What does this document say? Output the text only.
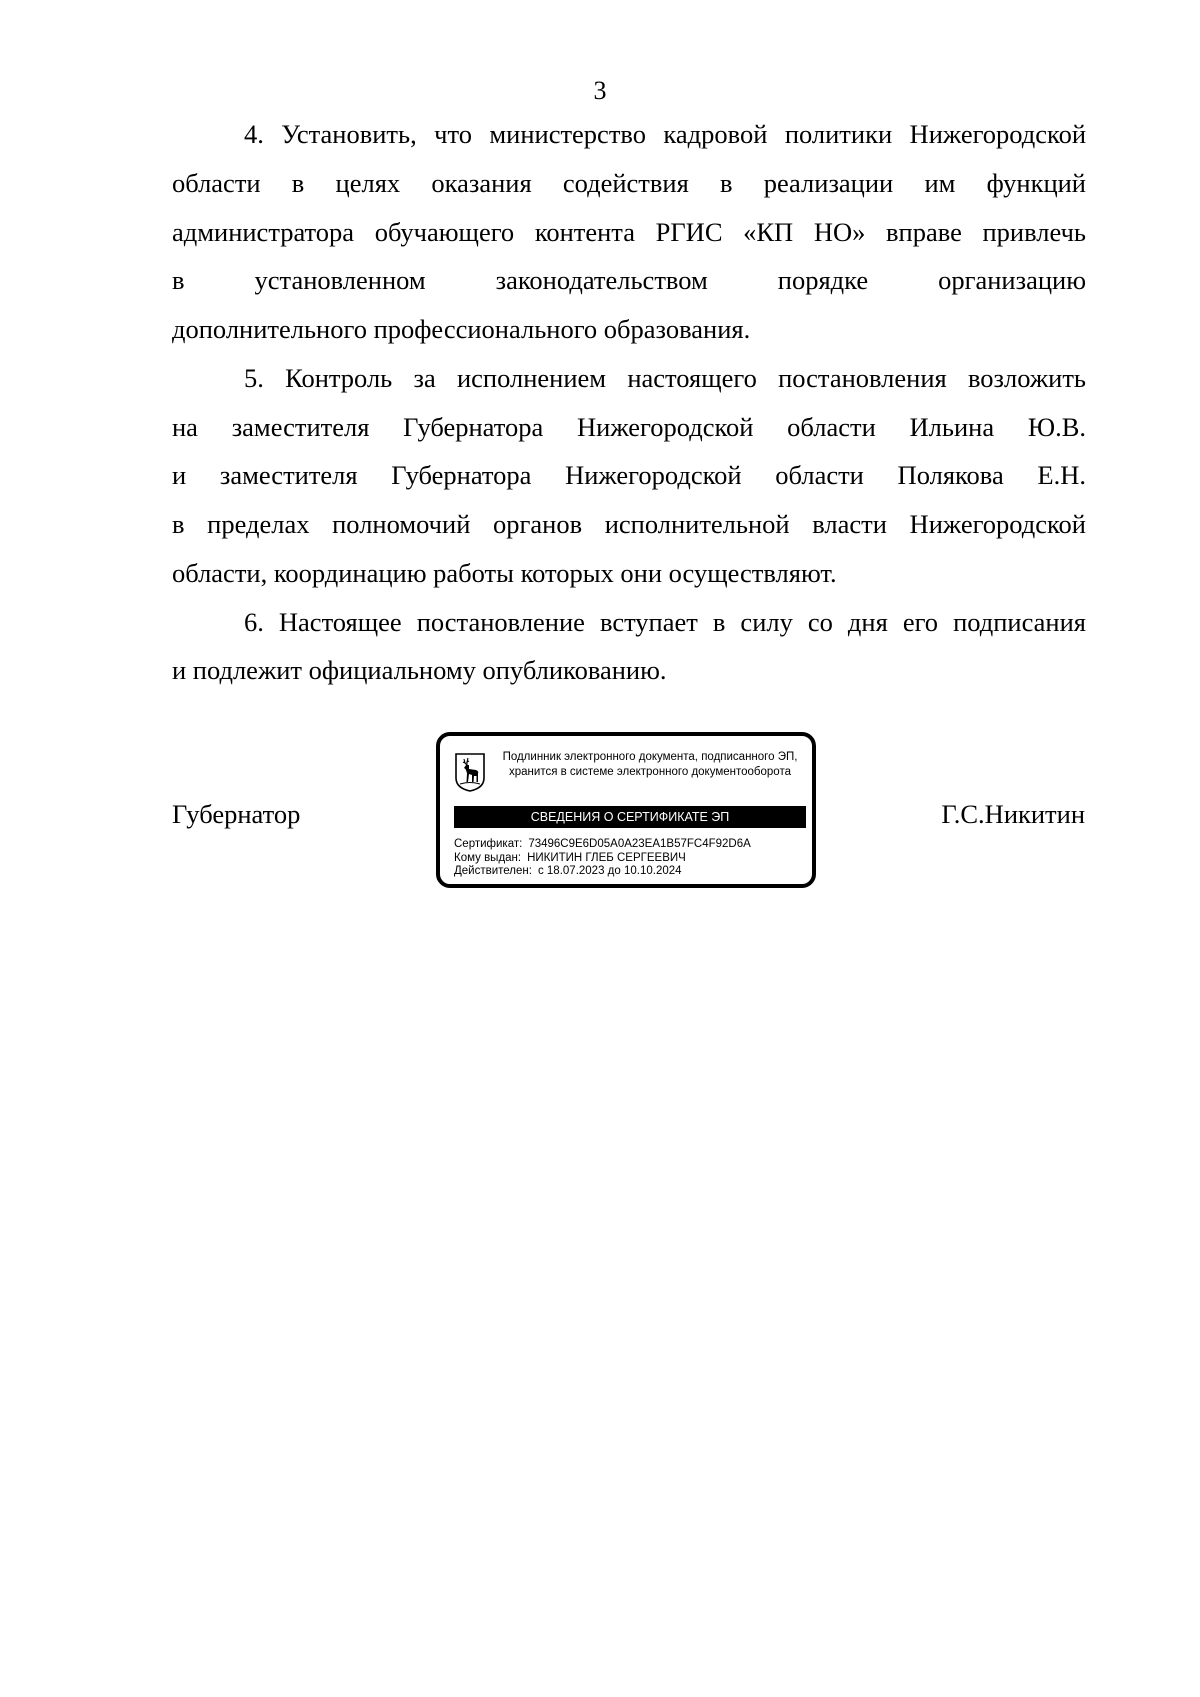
3

4. Установить, что министерство кадровой политики Нижегородской

области в целях оказания содействия в реализации им функций

администратора обучающего контента РГИС «КП НО» вправе привлечь

в установленном законодательством порядке организацию

дополнительного профессионального образования.

5. Контроль за исполнением настоящего постановления возложить

на заместителя Губернатора Нижегородской области Ильина Ю.В.

и заместителя Губернатора Нижегородской области Полякова Е.Н.

в пределах полномочий органов исполнительной власти Нижегородской

области, координацию работы которых они осуществляют.

6. Настоящее постановление вступает в силу со дня его подписания

и подлежит официальному опубликованию.

Губернатор
Подлинник электронного документа, подписанного ЭП,
хранится в системе электронного документооборота
СВЕДЕНИЯ О СЕРТИФИКАТЕ ЭП
Сертификат: 73496C9E6D05A0A23EA1B57FC4F92D6A
Кому выдан: НИКИТИН ГЛЕБ СЕРГЕЕВИЧ
Действителен: с 18.07.2023 до 10.10.2024
Г.С.Никитин
